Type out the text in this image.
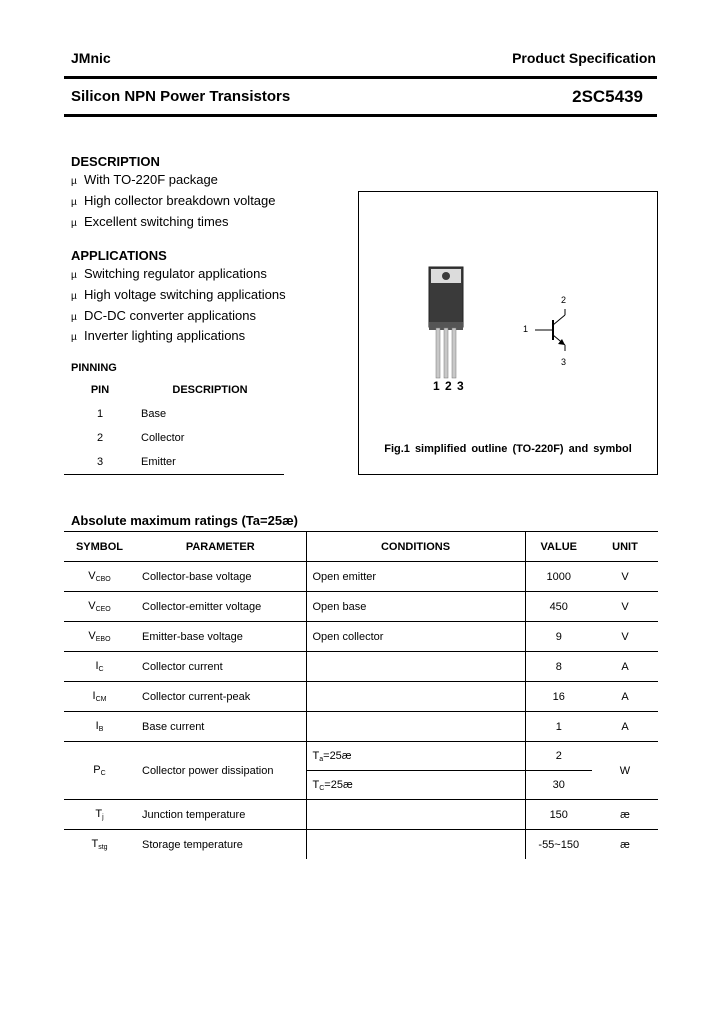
JMnic	Product Specification
Silicon NPN Power Transistors	2SC5439
DESCRIPTION
µ With TO-220F package
µ High collector breakdown voltage
µ Excellent switching times
APPLICATIONS
µ Switching regulator applications
µ High voltage switching applications
µ DC-DC converter applications
µ Inverter lighting applications
PINNING
PIN	DESCRIPTION
1	Base
2	Collector
3	Emitter
1 2 3
1
2
3
Fig.1 simplified outline (TO-220F) and symbol
Absolute maximum ratings (Ta=25æ)
SYMBOL	PARAMETER	CONDITIONS	VALUE	UNIT
$V_{CBO}$	Collector-base voltage	Open emitter	1000	V
$V_{CEO}$	Collector-emitter voltage	Open base	450	V
$V_{EBO}$	Emitter-base voltage	Open collector	9	V
$I_C$	Collector current		8	A
$I_{CM}$	Collector current-peak		16	A
$I_B$	Base current		1	A
$P_C$	Collector power dissipation	$T_a=25æ$	2	W
		$T_C=25æ$	30	
$T_j$	Junction temperature		150	æ
$T_{stg}$	Storage temperature		-55~150	æ
